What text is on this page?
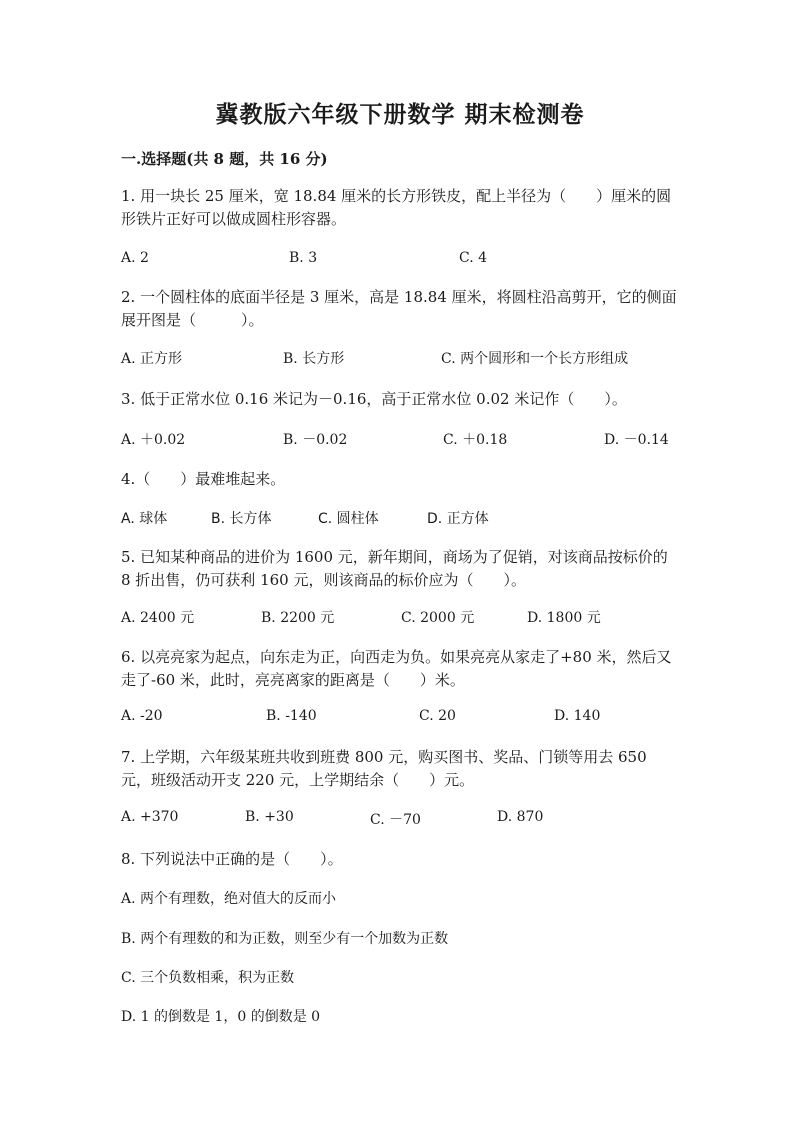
冀教版六年级下册数学 期末检测卷
一.选择题(共 8 题，共 16 分)
1. 用一块长 25 厘米，宽 18.84 厘米的长方形铁皮，配上半径为（　　）厘米的圆形铁片正好可以做成圆柱形容器。
A. 2	B. 3	C. 4
2. 一个圆柱体的底面半径是 3 厘米，高是 18.84 厘米，将圆柱沿高剪开，它的侧面展开图是（　　　）。
A. 正方形	B. 长方形	C. 两个圆形和一个长方形组成
3. 低于正常水位 0.16 米记为－0.16，高于正常水位 0.02 米记作（　　）。
A. ＋0.02	B. －0.02	C. ＋0.18	D. －0.14
4.（　　）最难堆起来。
A. 球体	B. 长方体	C. 圆柱体	D. 正方体
5. 已知某种商品的进价为 1600 元，新年期间，商场为了促销，对该商品按标价的 8 折出售，仍可获利 160 元，则该商品的标价应为（　　）。
A. 2400 元	B. 2200 元	C. 2000 元	D. 1800 元
6. 以亮亮家为起点，向东走为正，向西走为负。如果亮亮从家走了+80 米，然后又走了-60 米，此时，亮亮离家的距离是（　　）米。
A. -20	B. -140	C. 20	D. 140
7. 上学期，六年级某班共收到班费 800 元，购买图书、奖品、门锁等用去 650 元，班级活动开支 220 元，上学期结余（　　）元。
A. +370	B. +30	C. －70	D. 870
8. 下列说法中正确的是（　　）。
A. 两个有理数，绝对值大的反而小
B. 两个有理数的和为正数，则至少有一个加数为正数
C. 三个负数相乘，积为正数
D. 1 的倒数是 1，0 的倒数是 0
